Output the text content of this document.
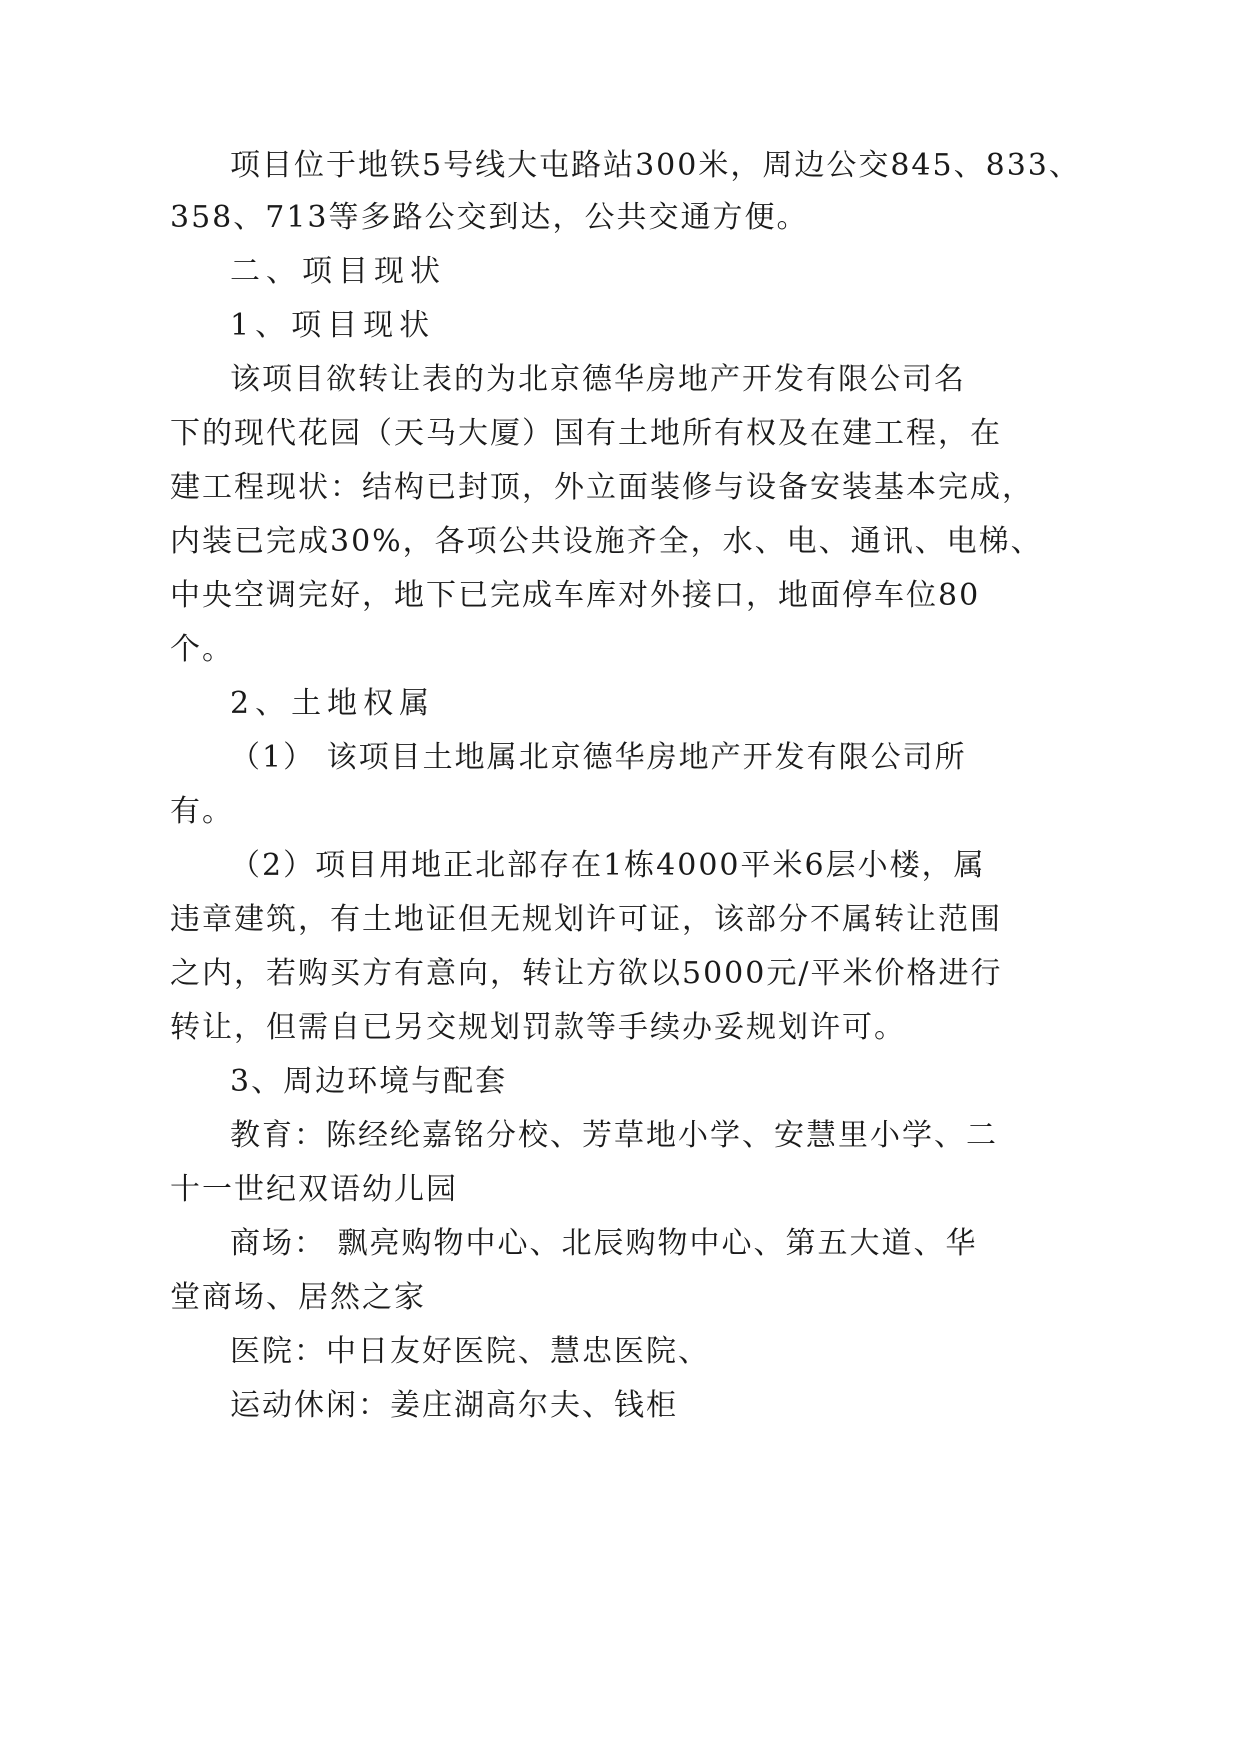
项目位于地铁5号线大屯路站300米，周边公交845、833、
358、713等多路公交到达，公共交通方便。
二、项目现状
1、项目现状
该项目欲转让表的为北京德华房地产开发有限公司名
下的现代花园（天马大厦）国有土地所有权及在建工程，在
建工程现状：结构已封顶，外立面装修与设备安装基本完成，
内装已完成30%，各项公共设施齐全，水、电、通讯、电梯、
中央空调完好，地下已完成车库对外接口，地面停车位80
个。
2、土地权属
（1） 该项目土地属北京德华房地产开发有限公司所
有。
（2）项目用地正北部存在1栋4000平米6层小楼，属
违章建筑，有土地证但无规划许可证，该部分不属转让范围
之内，若购买方有意向，转让方欲以5000元/平米价格进行
转让，但需自已另交规划罚款等手续办妥规划许可。
3、周边环境与配套
教育：陈经纶嘉铭分校、芳草地小学、安慧里小学、二
十一世纪双语幼儿园
商场： 飘亮购物中心、北辰购物中心、第五大道、华
堂商场、居然之家
医院：中日友好医院、慧忠医院、
运动休闲：姜庄湖高尔夫、钱柜
